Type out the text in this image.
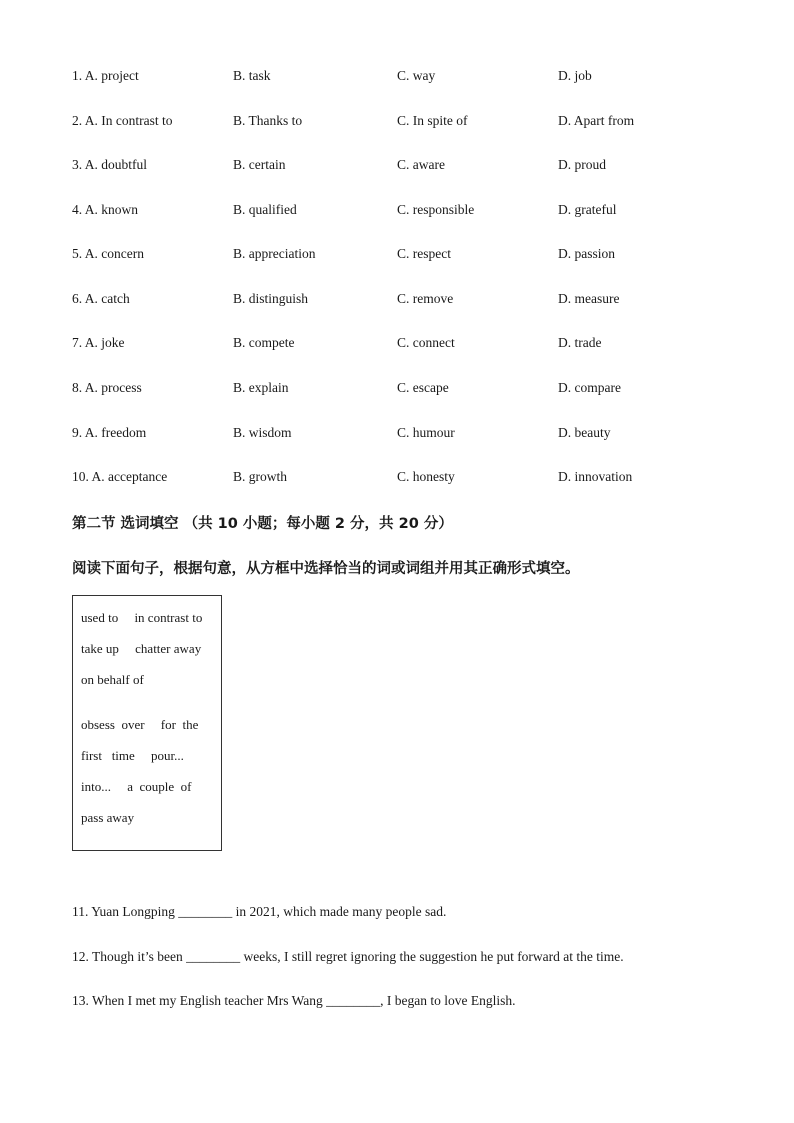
1. A. project	B. task	C. way	D. job
2. A. In contrast to	B. Thanks to	C. In spite of	D. Apart from
3. A. doubtful	B. certain	C. aware	D. proud
4. A. known	B. qualified	C. responsible	D. grateful
5. A. concern	B. appreciation	C. respect	D. passion
6. A. catch	B. distinguish	C. remove	D. measure
7. A. joke	B. compete	C. connect	D. trade
8. A. process	B. explain	C. escape	D. compare
9. A. freedom	B. wisdom	C. humour	D. beauty
10. A. acceptance	B. growth	C. honesty	D. innovation
第二节 选词填空 （共 10 小题；每小题 2 分，共 20 分）
阅读下面句子，根据句意，从方框中选择恰当的词或词组并用其正确形式填空。
used to     in contrast to
take up     chatter away
on behalf of
obsess  over     for  the
first   time     pour...
into...     a  couple  of
pass away
11. Yuan Longping ________ in 2021, which made many people sad.
12. Though it’s been ________ weeks, I still regret ignoring the suggestion he put forward at the time.
13. When I met my English teacher Mrs Wang ________, I began to love English.
